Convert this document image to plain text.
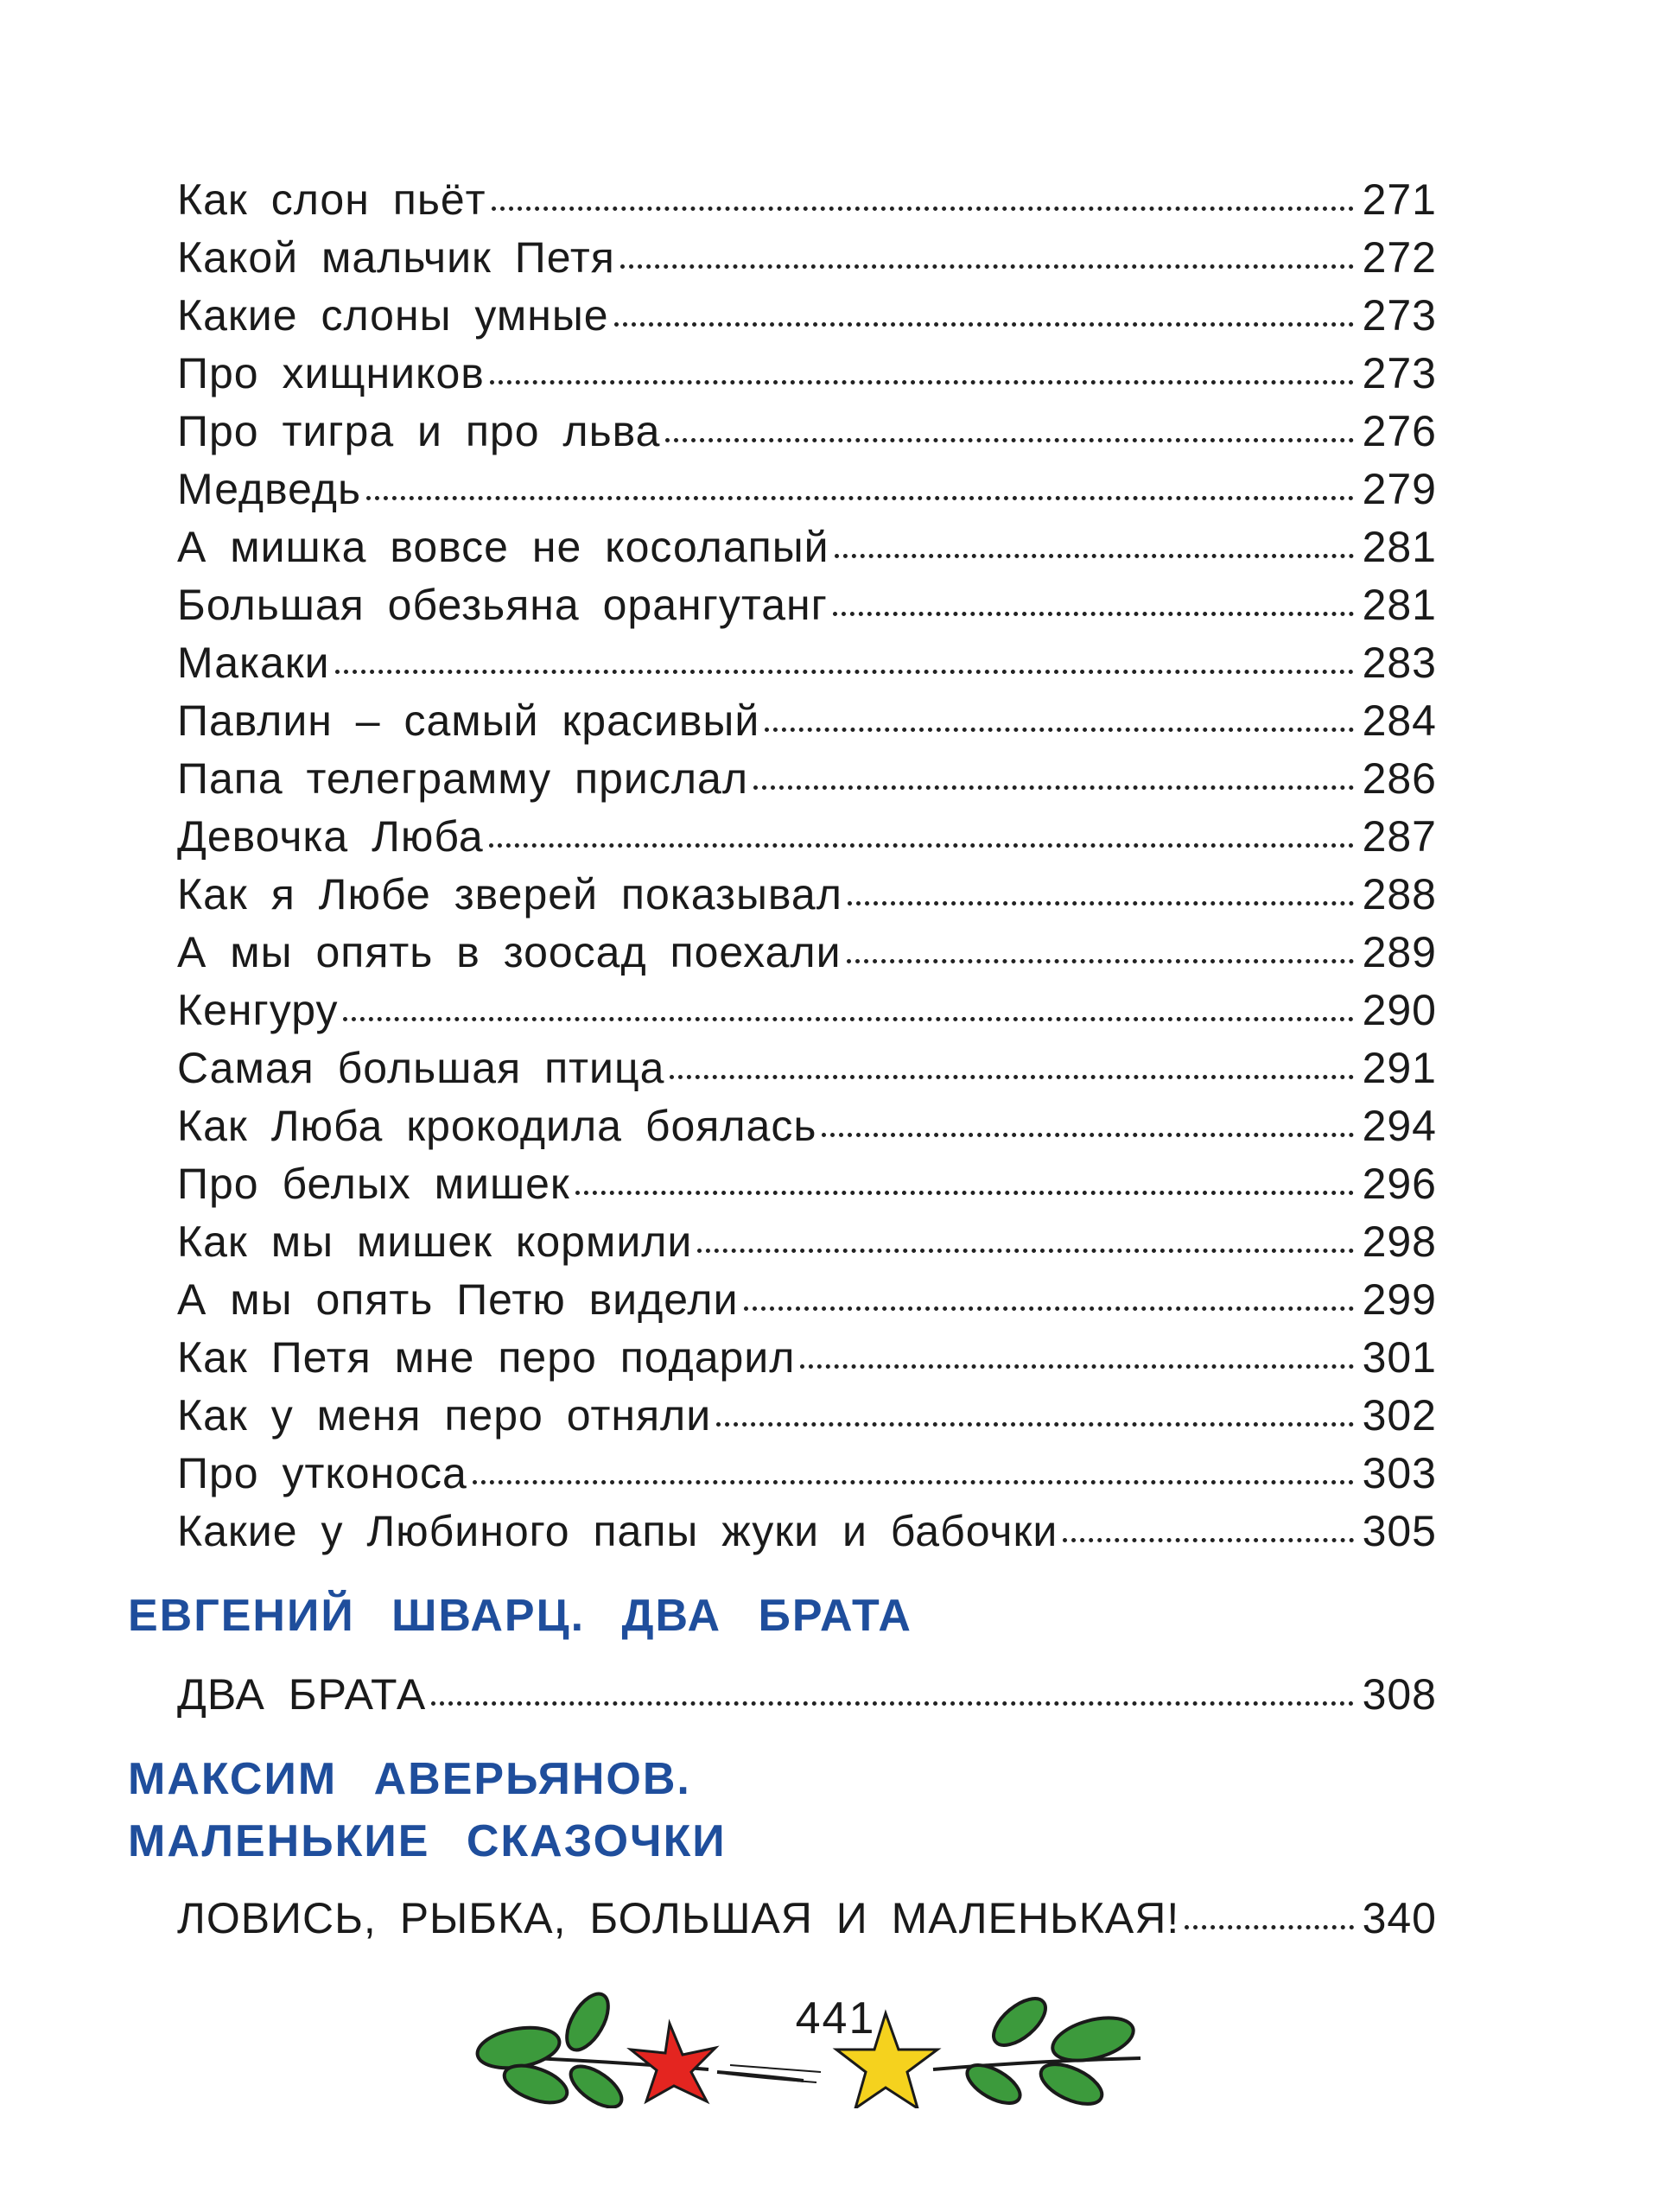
Как слон пьёт	271
Какой мальчик Петя	272
Какие слоны умные	273
Про хищников	273
Про тигра и про льва	276
Медведь	279
А мишка вовсе не косолапый	281
Большая обезьяна орангутанг	281
Макаки	283
Павлин – самый красивый	284
Папа телеграмму прислал	286
Девочка Люба	287
Как я Любе зверей показывал	288
А мы опять в зоосад поехали	289
Кенгуру	290
Самая большая птица	291
Как Люба крокодила боялась	294
Про белых мишек	296
Как мы мишек кормили	298
А мы опять Петю видели	299
Как Петя мне перо подарил	301
Как у меня перо отняли	302
Про утконоса	303
Какие у Любиного папы жуки и бабочки	305
ЕВГЕНИЙ ШВАРЦ. ДВА БРАТА
ДВА БРАТА	308
МАКСИМ АВЕРЬЯНОВ.
МАЛЕНЬКИЕ СКАЗОЧКИ
ЛОВИСЬ, РЫБКА, БОЛЬШАЯ И МАЛЕНЬКАЯ!	340
441
